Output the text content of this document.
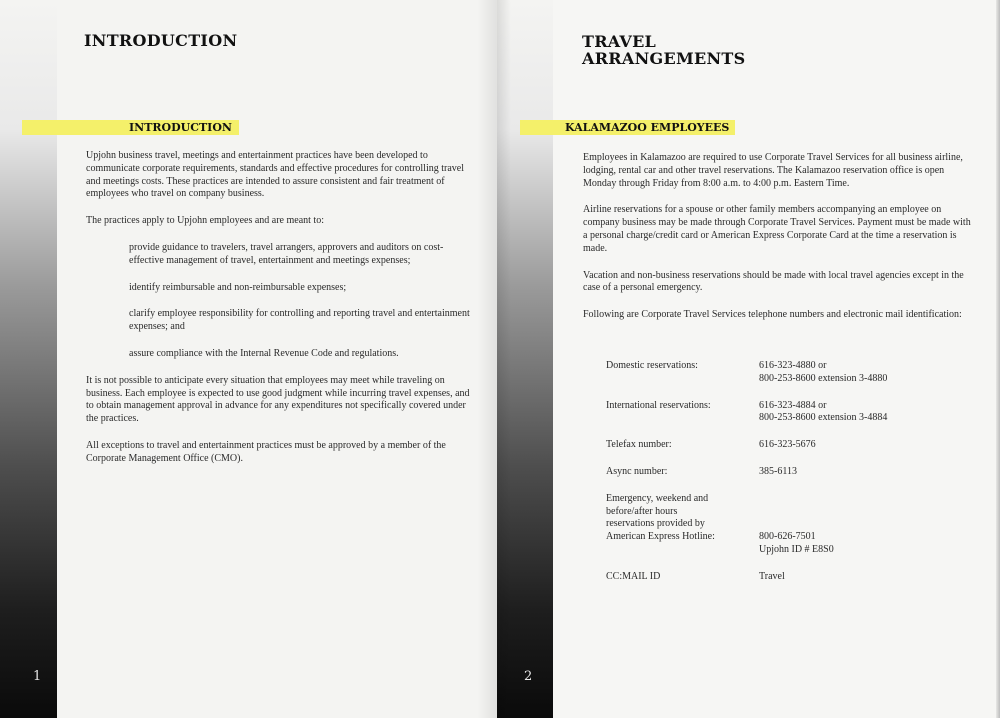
INTRODUCTION
INTRODUCTION

Upjohn business travel, meetings and entertainment practices have been developed to communicate corporate requirements, standards and effective procedures for controlling travel and meetings costs. These practices are intended to assure consistent and fair treatment of employees who travel on company business.

The practices apply to Upjohn employees and are meant to:

provide guidance to travelers, travel arrangers, approvers and auditors on cost-effective management of travel, entertainment and meetings expenses;

identify reimbursable and non-reimbursable expenses;

clarify employee responsibility for controlling and reporting travel and entertainment expenses; and

assure compliance with the Internal Revenue Code and regulations.

It is not possible to anticipate every situation that employees may meet while traveling on business. Each employee is expected to use good judgment while incurring travel expenses, and to obtain management approval in advance for any expenditures not specifically covered under the practices.

All exceptions to travel and entertainment practices must be approved by a member of the Corporate Management Office (CMO).

1
TRAVEL
ARRANGEMENTS
KALAMAZOO EMPLOYEES

Employees in Kalamazoo are required to use Corporate Travel Services for all business airline, lodging, rental car and other travel reservations. The Kalamazoo reservation office is open Monday through Friday from 8:00 a.m. to 4:00 p.m. Eastern Time.

Airline reservations for a spouse or other family members accompanying an employee on company business may be made through Corporate Travel Services. Payment must be made with a personal charge/credit card or American Express Corporate Card at the time a reservation is made.

Vacation and non-business reservations should be made with local travel agencies except in the case of a personal emergency.

Following are Corporate Travel Services telephone numbers and electronic mail identification:

Domestic reservations:	616-323-4880 or
800-253-8600 extension 3-4880
International reservations:	616-323-4884 or
800-253-8600 extension 3-4884
Telefax number:	616-323-5676
Async number:	385-6113
Emergency, weekend and
before/after hours
reservations provided by
American Express Hotline:
	800-626-7501
Upjohn ID # E8S0
CC:MAIL ID	Travel
2
